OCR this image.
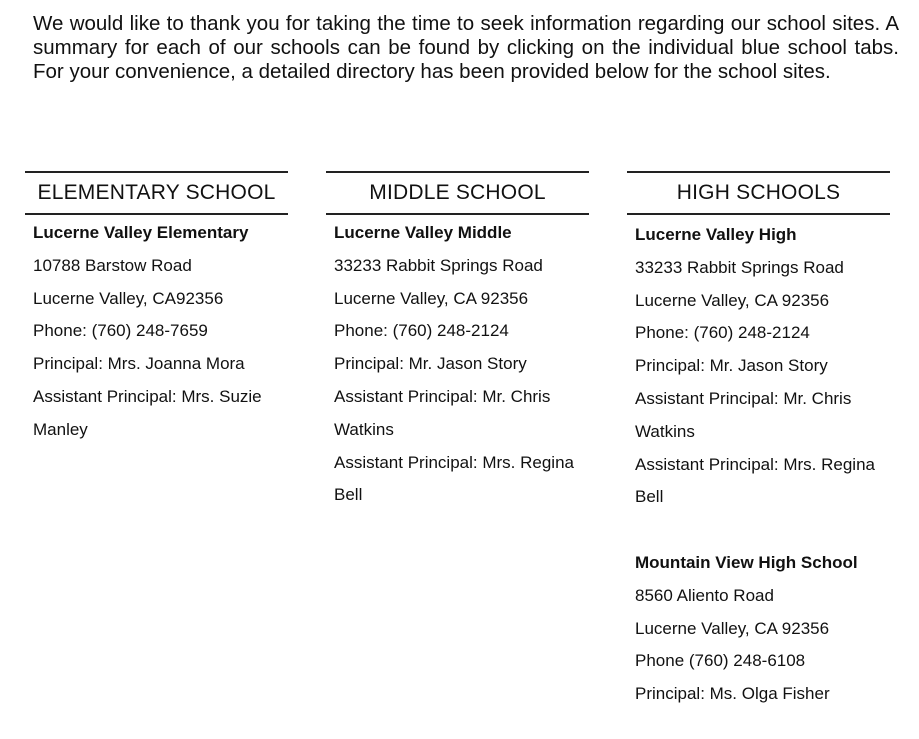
We would like to thank you for taking the time to seek information regarding our school sites. A summary for each of our schools can be found by clicking on the individual blue school tabs. For your convenience, a detailed directory has been provided below for the school sites.

ELEMENTARY SCHOOL
Lucerne Valley Elementary
10788 Barstow Road
Lucerne Valley, CA92356
Phone: (760) 248-7659
Principal: Mrs. Joanna Mora
Assistant Principal: Mrs. Suzie Manley
MIDDLE SCHOOL
Lucerne Valley Middle
33233 Rabbit Springs Road
Lucerne Valley, CA 92356
Phone: (760) 248-2124
Principal: Mr. Jason Story
Assistant Principal: Mr. Chris Watkins
Assistant Principal: Mrs. Regina Bell
HIGH SCHOOLS
Lucerne Valley High
33233 Rabbit Springs Road
Lucerne Valley, CA 92356
Phone: (760) 248-2124
Principal: Mr. Jason Story
Assistant Principal: Mr. Chris Watkins
Assistant Principal: Mrs. Regina Bell
Mountain View High School
8560 Aliento Road
Lucerne Valley, CA 92356
Phone (760) 248-6108
Principal: Ms. Olga Fisher
